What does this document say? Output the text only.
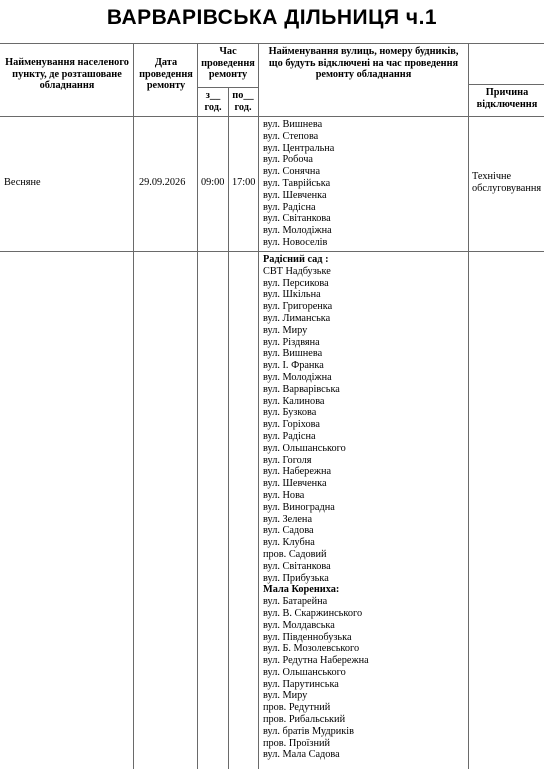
ВАРВАРІВСЬКА ДІЛЬНИЦЯ ч.1
Найменування населеного пункту, де розташоване обладнання
Дата проведення ремонту
Час проведення ремонту
з__ год.
по__ год.
Найменування вулиць, номеру будників, що будуть відключені на час проведення ремонту обладнання
Причина відключення
Весняне	29.09.2026 09:00 17:00
Технічне обслуговування
вул. Вишнева
вул. Степова
вул. Центральна
вул. Робоча
вул. Сонячна
вул. Таврійська
вул. Шевченка
вул. Радісна
вул. Світанкова
вул. Молодіжна
вул. Новоселів
Радісний сад :
СВТ Надбузьке
вул. Персикова
вул. Шкільна
вул. Григоренка
вул. Лиманська
вул. Миру
вул. Різдвяна
вул. Вишнева
вул. І. Франка
вул. Молодіжна
вул. Варварівська
вул. Калинова
вул. Бузкова
вул. Горіхова
вул. Радісна
вул. Ольшанського
вул. Гоголя
вул. Набережна
вул. Шевченка
вул. Нова
вул. Виноградна
вул. Зелена
вул. Садова
вул. Клубна
пров. Садовий
вул. Світанкова
вул. Прибузька
Мала Корениха:
вул. Батарейна
вул. В. Скаржинського
вул. Молдавська
вул. Південнобузька
вул. Б. Мозолевського
вул. Редутна Набережна
вул. Ольшанського
вул. Парутинська
вул. Миру
пров. Редутний
пров. Рибальський
вул. братів Мудриків
пров. Проїзний
вул. Мала Садова
